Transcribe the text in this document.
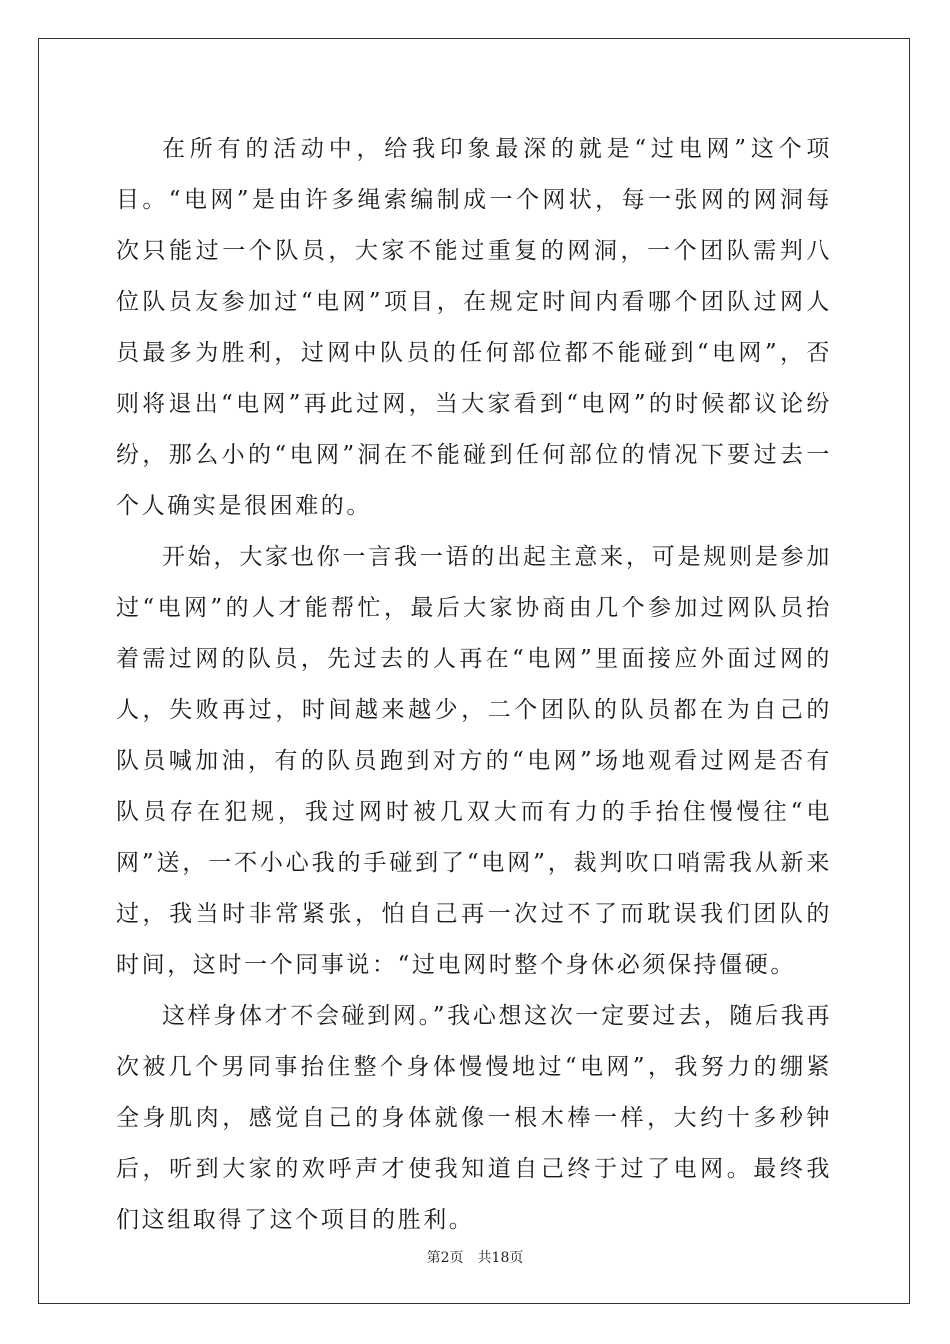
在所有的活动中，给我印象最深的就是“过电网”这个项目。“电网”是由许多绳索编制成一个网状，每一张网的网洞每次只能过一个队员，大家不能过重复的网洞，一个团队需判八位队员友参加过“电网”项目，在规定时间内看哪个团队过网人员最多为胜利，过网中队员的任何部位都不能碰到“电网”，否则将退出“电网”再此过网，当大家看到“电网”的时候都议论纷纷，那么小的“电网”洞在不能碰到任何部位的情况下要过去一个人确实是很困难的。

开始，大家也你一言我一语的出起主意来，可是规则是参加过“电网”的人才能帮忙，最后大家协商由几个参加过网队员抬着需过网的队员，先过去的人再在“电网”里面接应外面过网的人，失败再过，时间越来越少，二个团队的队员都在为自己的队员喊加油，有的队员跑到对方的“电网”场地观看过网是否有队员存在犯规，我过网时被几双大而有力的手抬住慢慢往“电网”送，一不小心我的手碰到了“电网”，裁判吹口哨需我从新来过，我当时非常紧张，怕自己再一次过不了而耽误我们团队的时间，这时一个同事说：“过电网时整个身休必须保持僵硬。

这样身体才不会碰到网。”我心想这次一定要过去，随后我再次被几个男同事抬住整个身体慢慢地过“电网”，我努力的绷紧全身肌肉，感觉自己的身体就像一根木棒一样，大约十多秒钟后，听到大家的欢呼声才使我知道自己终于过了电网。最终我们这组取得了这个项目的胜利。

第2页 共18页
